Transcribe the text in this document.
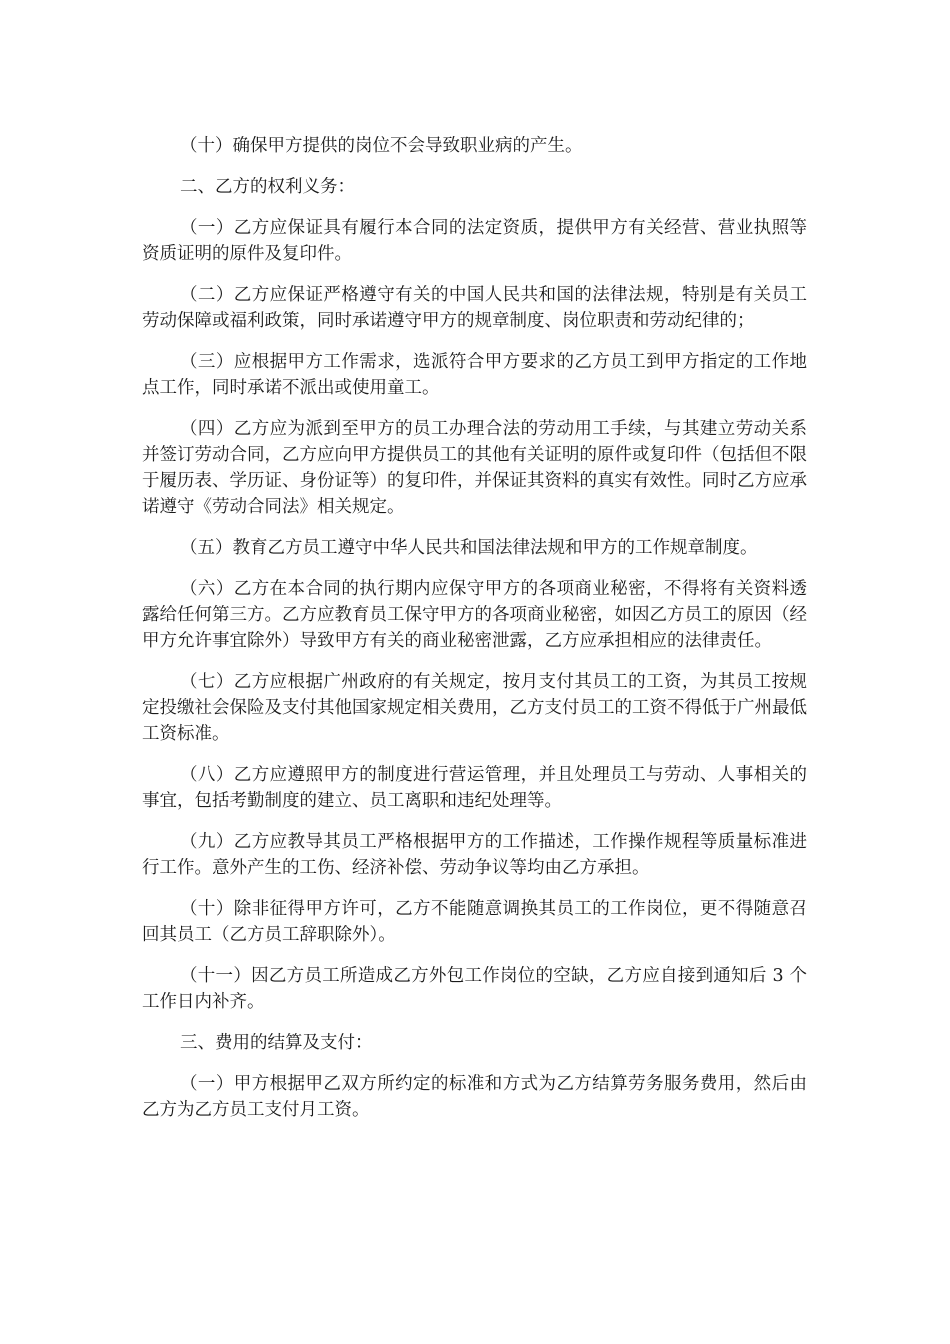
（十）确保甲方提供的岗位不会导致职业病的产生。

二、乙方的权利义务：

（一）乙方应保证具有履行本合同的法定资质，提供甲方有关经营、营业执照等资质证明的原件及复印件。

（二）乙方应保证严格遵守有关的中国人民共和国的法律法规，特别是有关员工劳动保障或福利政策，同时承诺遵守甲方的规章制度、岗位职责和劳动纪律的；

（三）应根据甲方工作需求，选派符合甲方要求的乙方员工到甲方指定的工作地点工作，同时承诺不派出或使用童工。

（四）乙方应为派到至甲方的员工办理合法的劳动用工手续，与其建立劳动关系并签订劳动合同，乙方应向甲方提供员工的其他有关证明的原件或复印件（包括但不限于履历表、学历证、身份证等）的复印件，并保证其资料的真实有效性。同时乙方应承诺遵守《劳动合同法》相关规定。

（五）教育乙方员工遵守中华人民共和国法律法规和甲方的工作规章制度。

（六）乙方在本合同的执行期内应保守甲方的各项商业秘密，不得将有关资料透露给任何第三方。乙方应教育员工保守甲方的各项商业秘密，如因乙方员工的原因（经甲方允许事宜除外）导致甲方有关的商业秘密泄露，乙方应承担相应的法律责任。

（七）乙方应根据广州政府的有关规定，按月支付其员工的工资，为其员工按规定投缴社会保险及支付其他国家规定相关费用，乙方支付员工的工资不得低于广州最低工资标准。

（八）乙方应遵照甲方的制度进行营运管理，并且处理员工与劳动、人事相关的事宜，包括考勤制度的建立、员工离职和违纪处理等。

（九）乙方应教导其员工严格根据甲方的工作描述，工作操作规程等质量标准进行工作。意外产生的工伤、经济补偿、劳动争议等均由乙方承担。

（十）除非征得甲方许可，乙方不能随意调换其员工的工作岗位，更不得随意召回其员工（乙方员工辞职除外）。

（十一）因乙方员工所造成乙方外包工作岗位的空缺，乙方应自接到通知后 3 个工作日内补齐。

三、费用的结算及支付：

（一）甲方根据甲乙双方所约定的标准和方式为乙方结算劳务服务费用，然后由乙方为乙方员工支付月工资。
